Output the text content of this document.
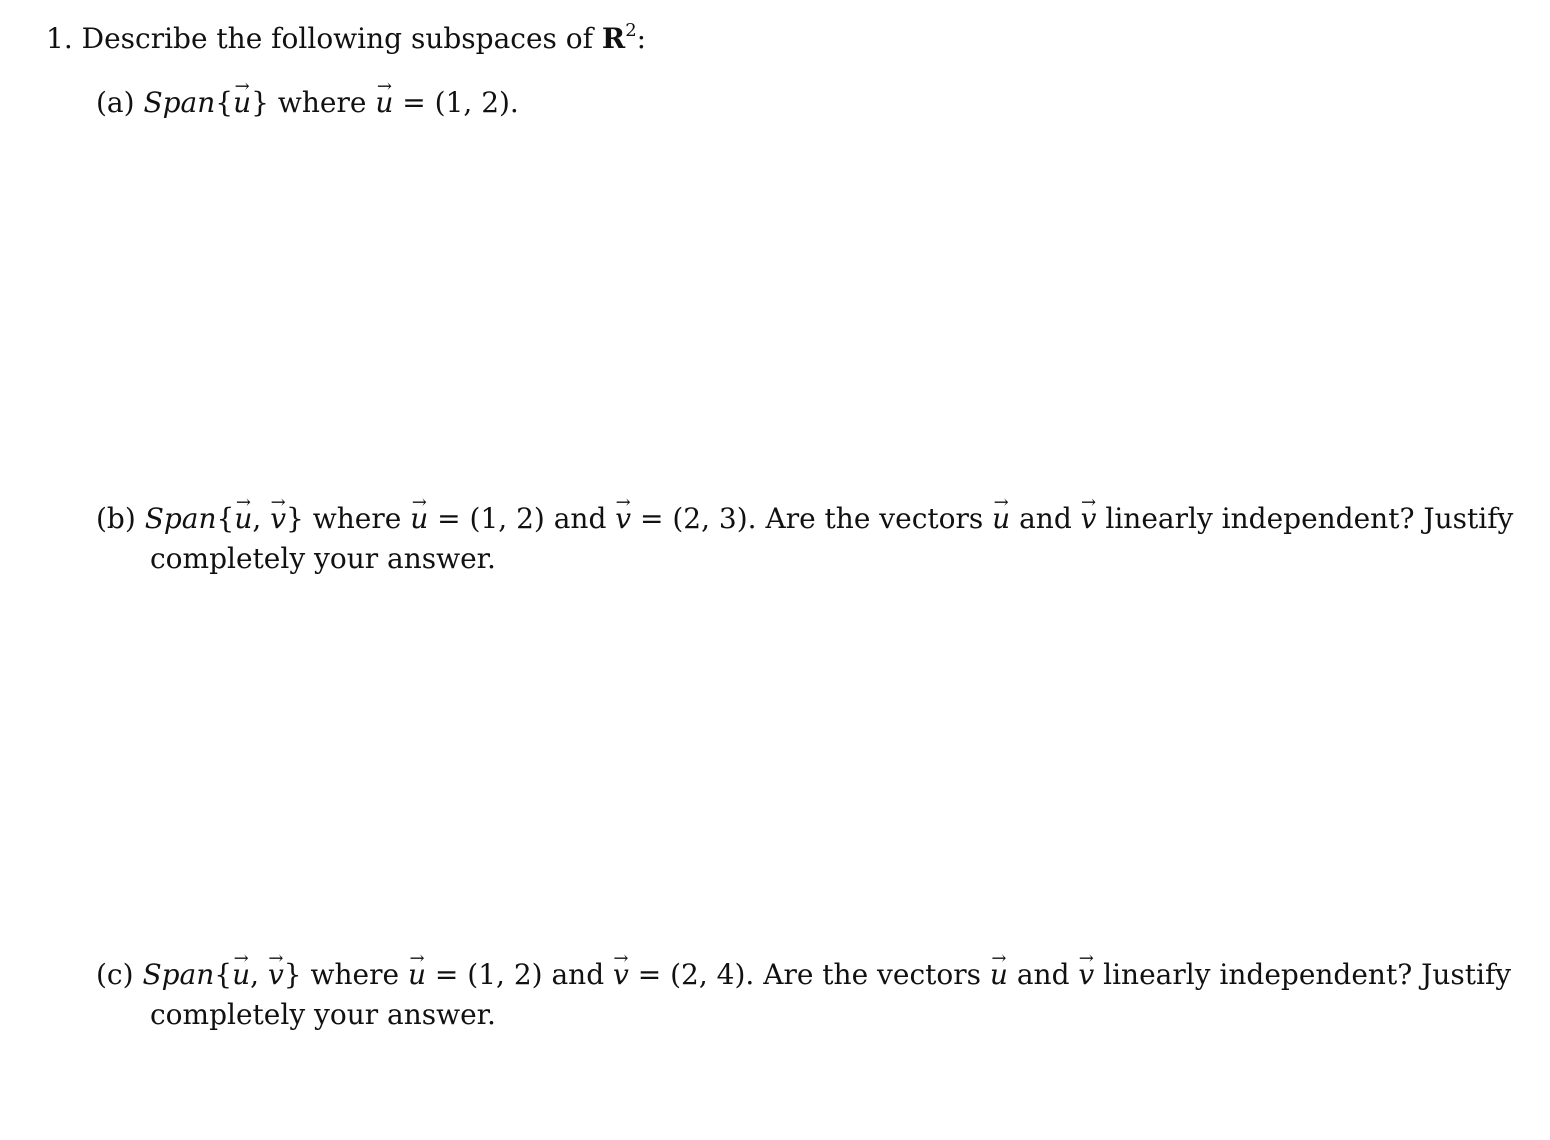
1. Describe the following subspaces of $R^2$:
(a) Span{→ u} where → u = (1, 2).
(b) Span{→ u, → v} where → u = (1, 2) and → v = (2, 3). Are the vectors → u and → v linearly independent? Justify
completely your answer.
(c) Span{→ u, → v} where → u = (1, 2) and → v = (2, 4). Are the vectors → u and → v linearly independent? Justify
completely your answer.
